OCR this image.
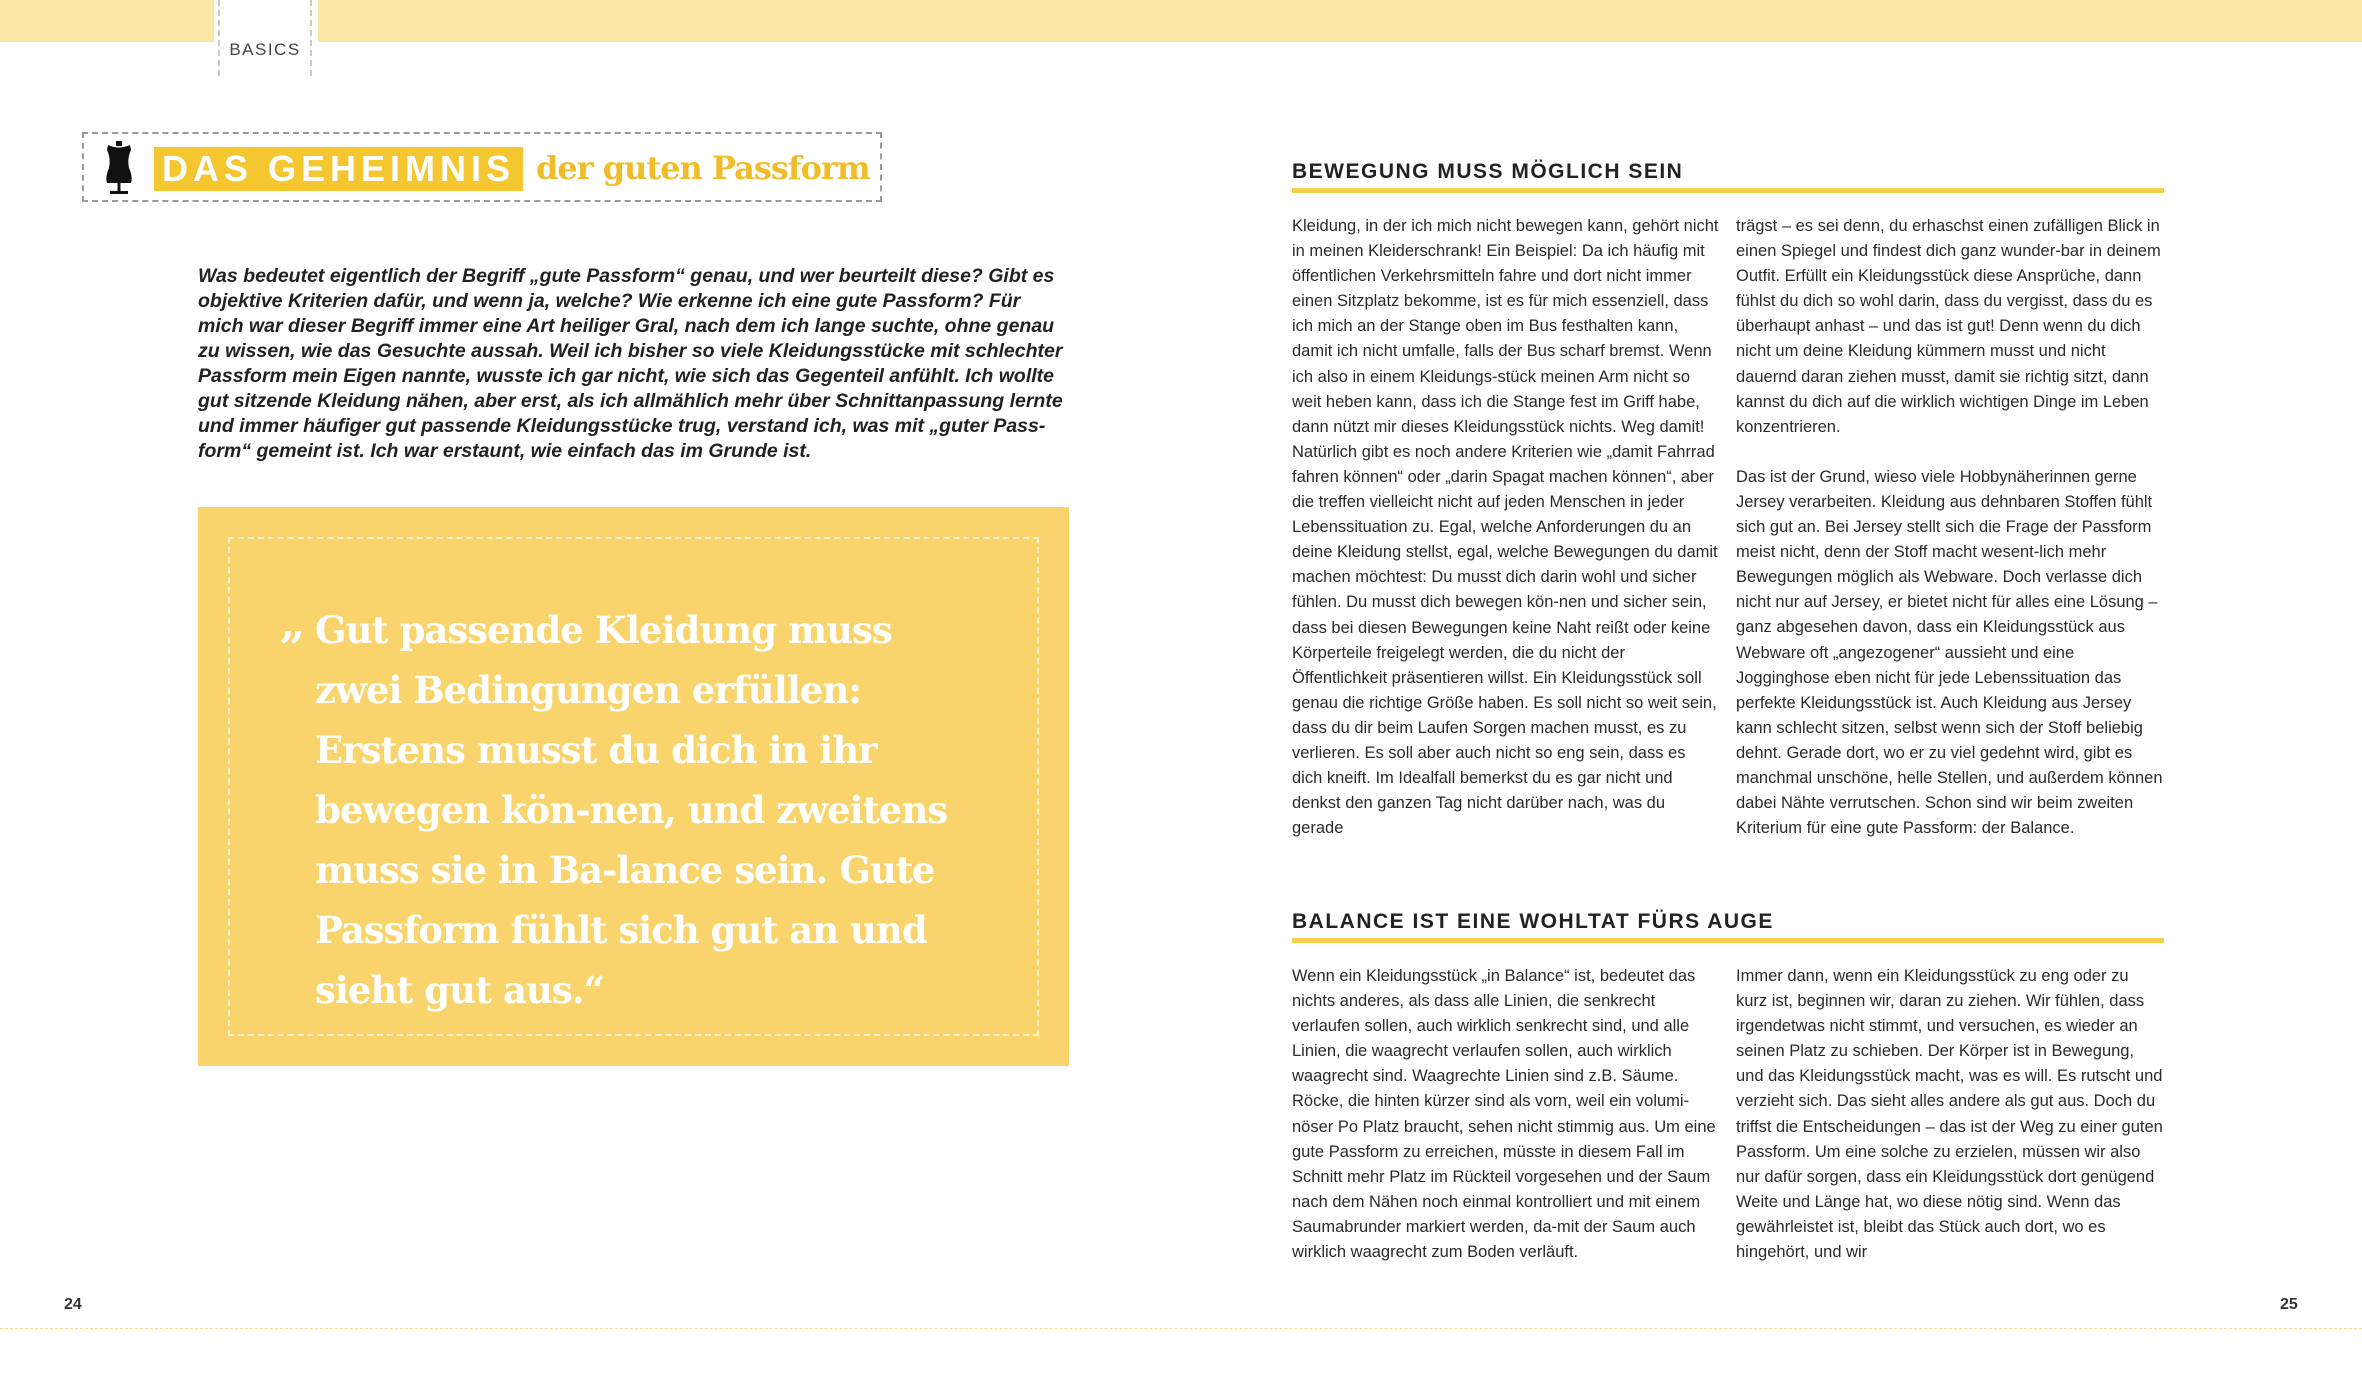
BASICS
DAS GEHEIMNIS der guten Passform

Was bedeutet eigentlich der Begriff „gute Passform“ genau, und wer beurteilt diese? Gibt es objektive Kriterien dafür, und wenn ja, welche? Wie erkenne ich eine gute Passform? Für mich war dieser Begriff immer eine Art heiliger Gral, nach dem ich lange suchte, ohne genau zu wissen, wie das Gesuchte aussah. Weil ich bisher so viele Kleidungsstücke mit schlechter Passform mein Eigen nannte, wusste ich gar nicht, wie sich das Gegenteil anfühlt. Ich wollte gut sitzende Kleidung nähen, aber erst, als ich allmählich mehr über Schnittanpassung lernte und immer häufiger gut passende Kleidungsstücke trug, verstand ich, was mit „guter Pass-form“ gemeint ist. Ich war erstaunt, wie einfach das im Grunde ist.

„ Gut passende Kleidung muss zwei Bedingungen erfüllen: Erstens musst du dich in ihr bewegen kön-nen, und zweitens muss sie in Ba-lance sein. Gute Passform fühlt sich gut an und sieht gut aus.“

BEWEGUNG MUSS MÖGLICH SEIN

Kleidung, in der ich mich nicht bewegen kann, gehört nicht in meinen Kleiderschrank! Ein Beispiel: Da ich häufig mit öffentlichen Verkehrsmitteln fahre und dort nicht immer einen Sitzplatz bekomme, ist es für mich essenziell, dass ich mich an der Stange oben im Bus festhalten kann, damit ich nicht umfalle, falls der Bus scharf bremst. Wenn ich also in einem Kleidungs-stück meinen Arm nicht so weit heben kann, dass ich die Stange fest im Griff habe, dann nützt mir dieses Kleidungsstück nichts. Weg damit! Natürlich gibt es noch andere Kriterien wie „damit Fahrrad fahren können“ oder „darin Spagat machen können“, aber die treffen vielleicht nicht auf jeden Menschen in jeder Lebenssituation zu. Egal, welche Anforderungen du an deine Kleidung stellst, egal, welche Bewegungen du damit machen möchtest: Du musst dich darin wohl und sicher fühlen. Du musst dich bewegen kön-nen und sicher sein, dass bei diesen Bewegungen keine Naht reißt oder keine Körperteile freigelegt werden, die du nicht der Öffentlichkeit präsentieren willst. Ein Kleidungsstück soll genau die richtige Größe haben. Es soll nicht so weit sein, dass du dir beim Laufen Sorgen machen musst, es zu verlieren. Es soll aber auch nicht so eng sein, dass es dich kneift. Im Idealfall bemerkst du es gar nicht und denkst den ganzen Tag nicht darüber nach, was du gerade

trägst – es sei denn, du erhaschst einen zufälligen Blick in einen Spiegel und findest dich ganz wunder-bar in deinem Outfit. Erfüllt ein Kleidungsstück diese Ansprüche, dann fühlst du dich so wohl darin, dass du vergisst, dass du es überhaupt anhast – und das ist gut! Denn wenn du dich nicht um deine Kleidung kümmern musst und nicht dauernd daran ziehen musst, damit sie richtig sitzt, dann kannst du dich auf die wirklich wichtigen Dinge im Leben konzentrieren.

Das ist der Grund, wieso viele Hobbynäherinnen gerne Jersey verarbeiten. Kleidung aus dehnbaren Stoffen fühlt sich gut an. Bei Jersey stellt sich die Frage der Passform meist nicht, denn der Stoff macht wesent-lich mehr Bewegungen möglich als Webware. Doch verlasse dich nicht nur auf Jersey, er bietet nicht für alles eine Lösung – ganz abgesehen davon, dass ein Kleidungsstück aus Webware oft „angezogener“ aussieht und eine Jogginghose eben nicht für jede Lebenssituation das perfekte Kleidungsstück ist. Auch Kleidung aus Jersey kann schlecht sitzen, selbst wenn sich der Stoff beliebig dehnt. Gerade dort, wo er zu viel gedehnt wird, gibt es manchmal unschöne, helle Stellen, und außerdem können dabei Nähte verrutschen. Schon sind wir beim zweiten Kriterium für eine gute Passform: der Balance.

BALANCE IST EINE WOHLTAT FÜRS AUGE

Wenn ein Kleidungsstück „in Balance“ ist, bedeutet das nichts anderes, als dass alle Linien, die senkrecht verlaufen sollen, auch wirklich senkrecht sind, und alle Linien, die waagrecht verlaufen sollen, auch wirklich waagrecht sind. Waagrechte Linien sind z.B. Säume. Röcke, die hinten kürzer sind als vorn, weil ein volumi-nöser Po Platz braucht, sehen nicht stimmig aus. Um eine gute Passform zu erreichen, müsste in diesem Fall im Schnitt mehr Platz im Rückteil vorgesehen und der Saum nach dem Nähen noch einmal kontrolliert und mit einem Saumabrunder markiert werden, da-mit der Saum auch wirklich waagrecht zum Boden verläuft.

Immer dann, wenn ein Kleidungsstück zu eng oder zu kurz ist, beginnen wir, daran zu ziehen. Wir fühlen, dass irgendetwas nicht stimmt, und versuchen, es wieder an seinen Platz zu schieben. Der Körper ist in Bewegung, und das Kleidungsstück macht, was es will. Es rutscht und verzieht sich. Das sieht alles andere als gut aus. Doch du triffst die Entscheidungen – das ist der Weg zu einer guten Passform. Um eine solche zu erzielen, müssen wir also nur dafür sorgen, dass ein Kleidungsstück dort genügend Weite und Länge hat, wo diese nötig sind. Wenn das gewährleistet ist, bleibt das Stück auch dort, wo es hingehört, und wir

24	25
